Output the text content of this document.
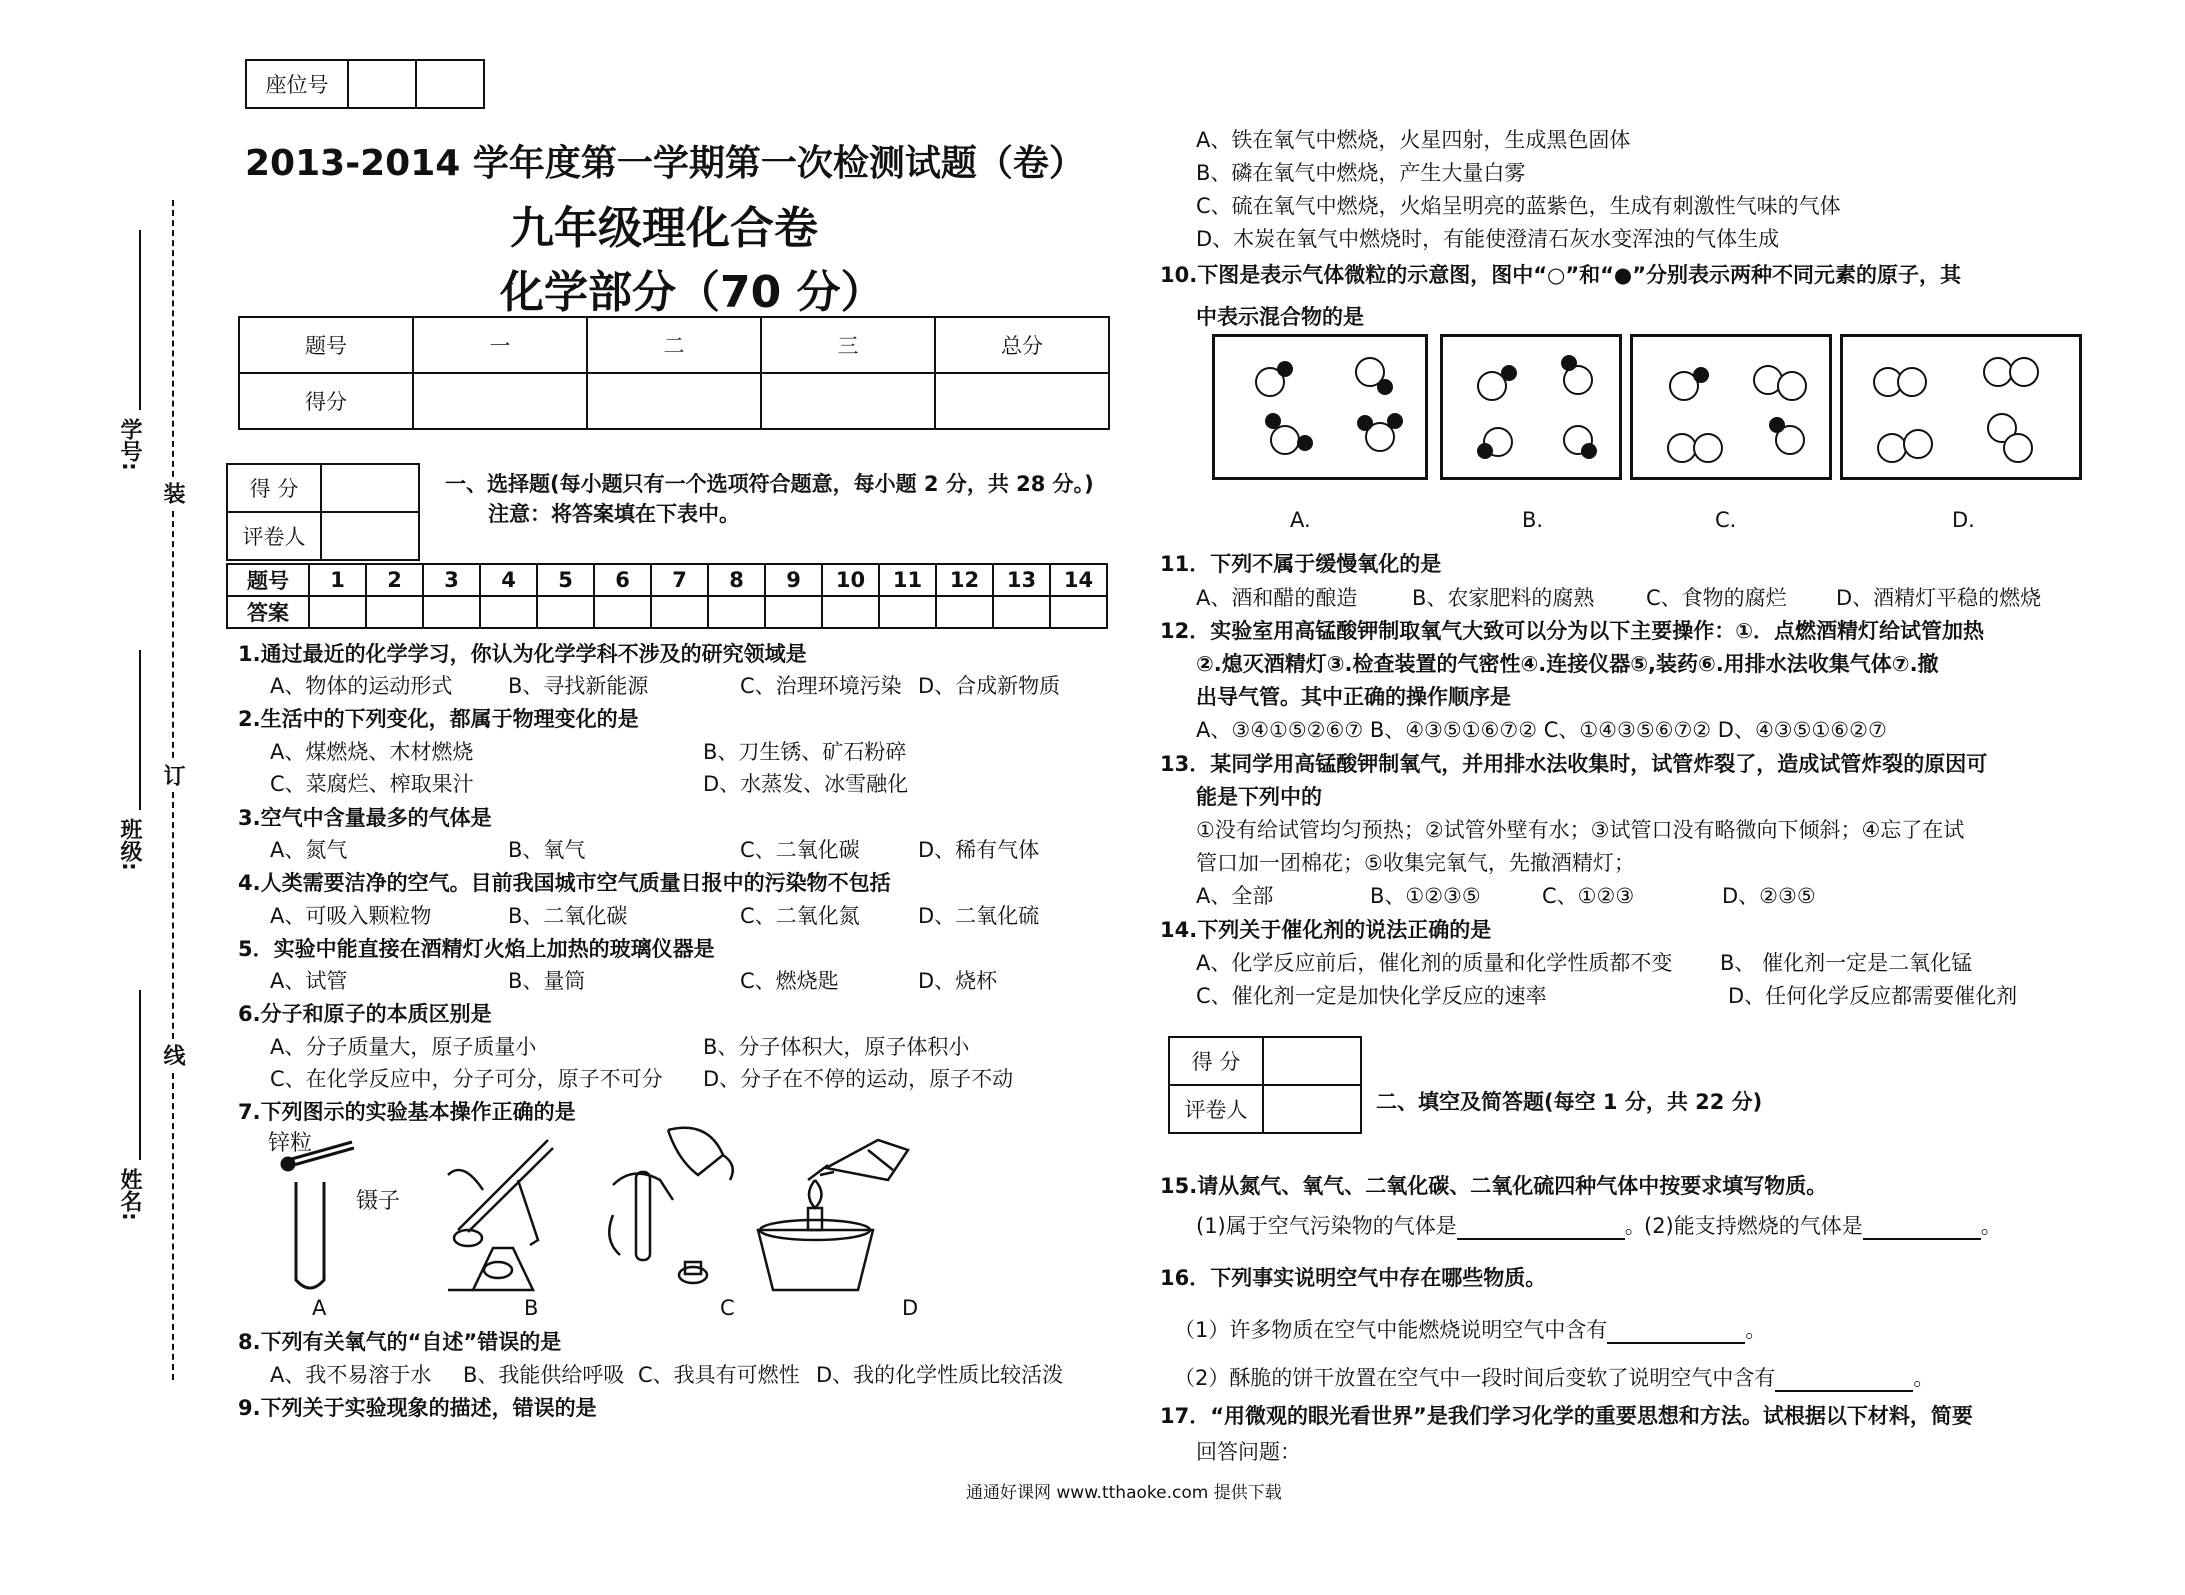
座位号		
2013-2014 学年度第一学期第一次检测试题（卷）
九年级理化合卷
化学部分（70 分）
题号	一	二	三	总分
得分				
装
订
线
学号:
班级:
姓名:
得 分	
评卷人	
一、选择题(每小题只有一个选项符合题意，每小题 2 分，共 28 分。)
注意：将答案填在下表中。
题号	1	2	3	4	5	6	7	8	9	10	11	12	13	14
答案														
1.通过最近的化学学习，你认为化学学科不涉及的研究领域是
A、物体的运动形式	B、寻找新能源	C、治理环境污染 D、合成新物质
2.生活中的下列变化，都属于物理变化的是
A、煤燃烧、木材燃烧	B、刀生锈、矿石粉碎
C、菜腐烂、榨取果汁	D、水蒸发、冰雪融化
3.空气中含量最多的气体是
A、氮气	B、氧气	C、二氧化碳	D、稀有气体
4.人类需要洁净的空气。目前我国城市空气质量日报中的污染物不包括
A、可吸入颗粒物	B、二氧化碳	C、二氧化氮	D、二氧化硫
5．实验中能直接在酒精灯火焰上加热的玻璃仪器是
A、试管	B、量筒	C、燃烧匙	D、烧杯
6.分子和原子的本质区别是
A、分子质量大，原子质量小	B、分子体积大，原子体积小
C、在化学反应中，分子可分，原子不可分 D、分子在不停的运动，原子不动
7.下列图示的实验基本操作正确的是
锌粒
镊子
A	B	C	D
8.下列有关氧气的“自述”错误的是
A、我不易溶于水 B、我能供给呼吸 C、我具有可燃性 D、我的化学性质比较活泼
9.下列关于实验现象的描述，错误的是
A、铁在氧气中燃烧，火星四射，生成黑色固体
B、磷在氧气中燃烧，产生大量白雾
C、硫在氧气中燃烧，火焰呈明亮的蓝紫色，生成有刺激性气味的气体
D、木炭在氧气中燃烧时，有能使澄清石灰水变浑浊的气体生成
10.下图是表示气体微粒的示意图，图中“○”和“●”分别表示两种不同元素的原子，其
中表示混合物的是
A.	B.	C.	D.
11．下列不属于缓慢氧化的是
A、酒和醋的酿造	B、农家肥料的腐熟 C、食物的腐烂 D、酒精灯平稳的燃烧
12．实验室用高锰酸钾制取氧气大致可以分为以下主要操作：①．点燃酒精灯给试管加热
②.熄灭酒精灯③.检查装置的气密性④.连接仪器⑤,装药⑥.用排水法收集气体⑦.撤
出导气管。其中正确的操作顺序是
A、③④①⑤②⑥⑦ B、④③⑤①⑥⑦② C、①④③⑤⑥⑦② D、④③⑤①⑥②⑦
13．某同学用高锰酸钾制氧气，并用排水法收集时，试管炸裂了，造成试管炸裂的原因可
能是下列中的
①没有给试管均匀预热；②试管外壁有水；③试管口没有略微向下倾斜；④忘了在试
管口加一团棉花；⑤收集完氧气，先撤酒精灯；
A、全部	B、①②③⑤	C、①②③	D、②③⑤
14.下列关于催化剂的说法正确的是
A、化学反应前后，催化剂的质量和化学性质都不变 B、 催化剂一定是二氧化锰
C、催化剂一定是加快化学反应的速率	D、任何化学反应都需要催化剂
得 分	
评卷人		二、填空及简答题(每空 1 分，共 22 分)
15.请从氮气、氧气、二氧化碳、二氧化硫四种气体中按要求填写物质。
(1)属于空气污染物的气体是	。
(2)能支持燃烧的气体是	。
16．下列事实说明空气中存在哪些物质。
（1）许多物质在空气中能燃烧说明空气中含有	。
（2）酥脆的饼干放置在空气中一段时间后变软了说明空气中含有	。
17．“用微观的眼光看世界”是我们学习化学的重要思想和方法。试根据以下材料，简要
回答问题：
通通好课网 www.tthaoke.com 提供下载
